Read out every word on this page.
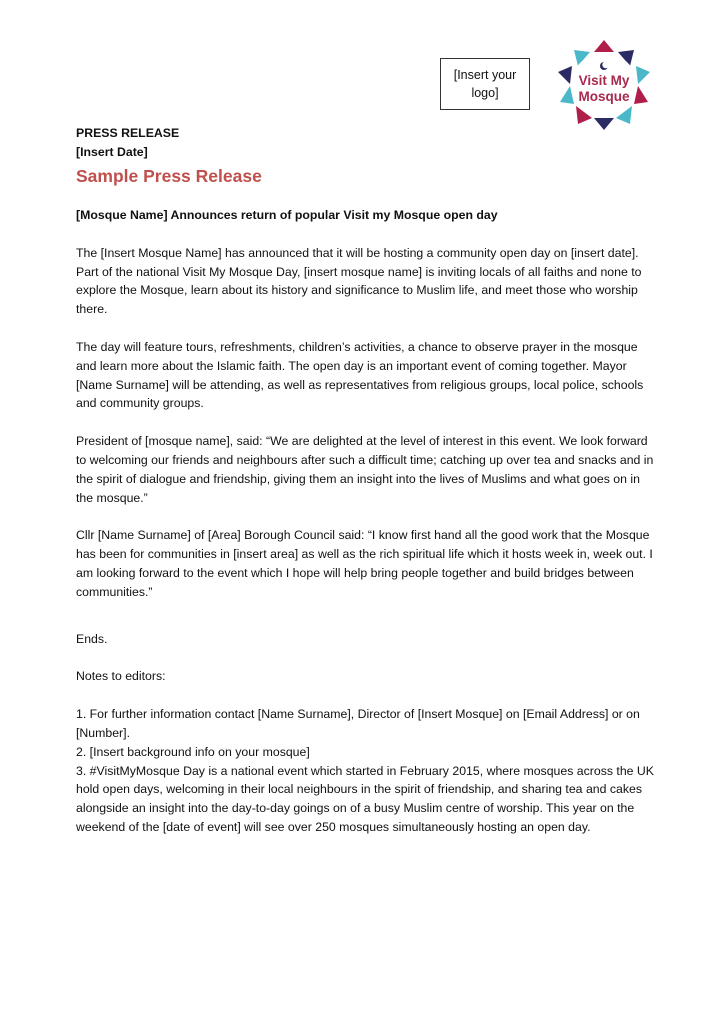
[Insert your
logo]
Visit My
Mosque

PRESS RELEASE

[Insert Date]

Sample Press Release

[Mosque Name] Announces return of popular Visit my Mosque open day

The [Insert Mosque Name] has announced that it will be hosting a community open day on [insert date]. Part of the national Visit My Mosque Day, [insert mosque name] is inviting locals of all faiths and none to explore the Mosque, learn about its history and significance to Muslim life, and meet those who worship there.

The day will feature tours, refreshments, children’s activities, a chance to observe prayer in the mosque and learn more about the Islamic faith. The open day is an important event of coming together. Mayor [Name Surname] will be attending, as well as representatives from religious groups, local police, schools and community groups.

President of [mosque name], said: “We are delighted at the level of interest in this event. We look forward to welcoming our friends and neighbours after such a difficult time; catching up over tea and snacks and in the spirit of dialogue and friendship, giving them an insight into the lives of Muslims and what goes on in the mosque.”

Cllr [Name Surname] of [Area] Borough Council said: “I know first hand all the good work that the Mosque has been for communities in [insert area] as well as the rich spiritual life which it hosts week in, week out. I am looking forward to the event which I hope will help bring people together and build bridges between communities.”

Ends.

Notes to editors:

1. For further information contact [Name Surname], Director of [Insert Mosque] on [Email Address] or on [Number].

2. [Insert background info on your mosque]

3. #VisitMyMosque Day is a national event which started in February 2015, where mosques across the UK hold open days, welcoming in their local neighbours in the spirit of friendship, and sharing tea and cakes alongside an insight into the day-to-day goings on of a busy Muslim centre of worship. This year on the weekend of the [date of event] will see over 250 mosques simultaneously hosting an open day.
